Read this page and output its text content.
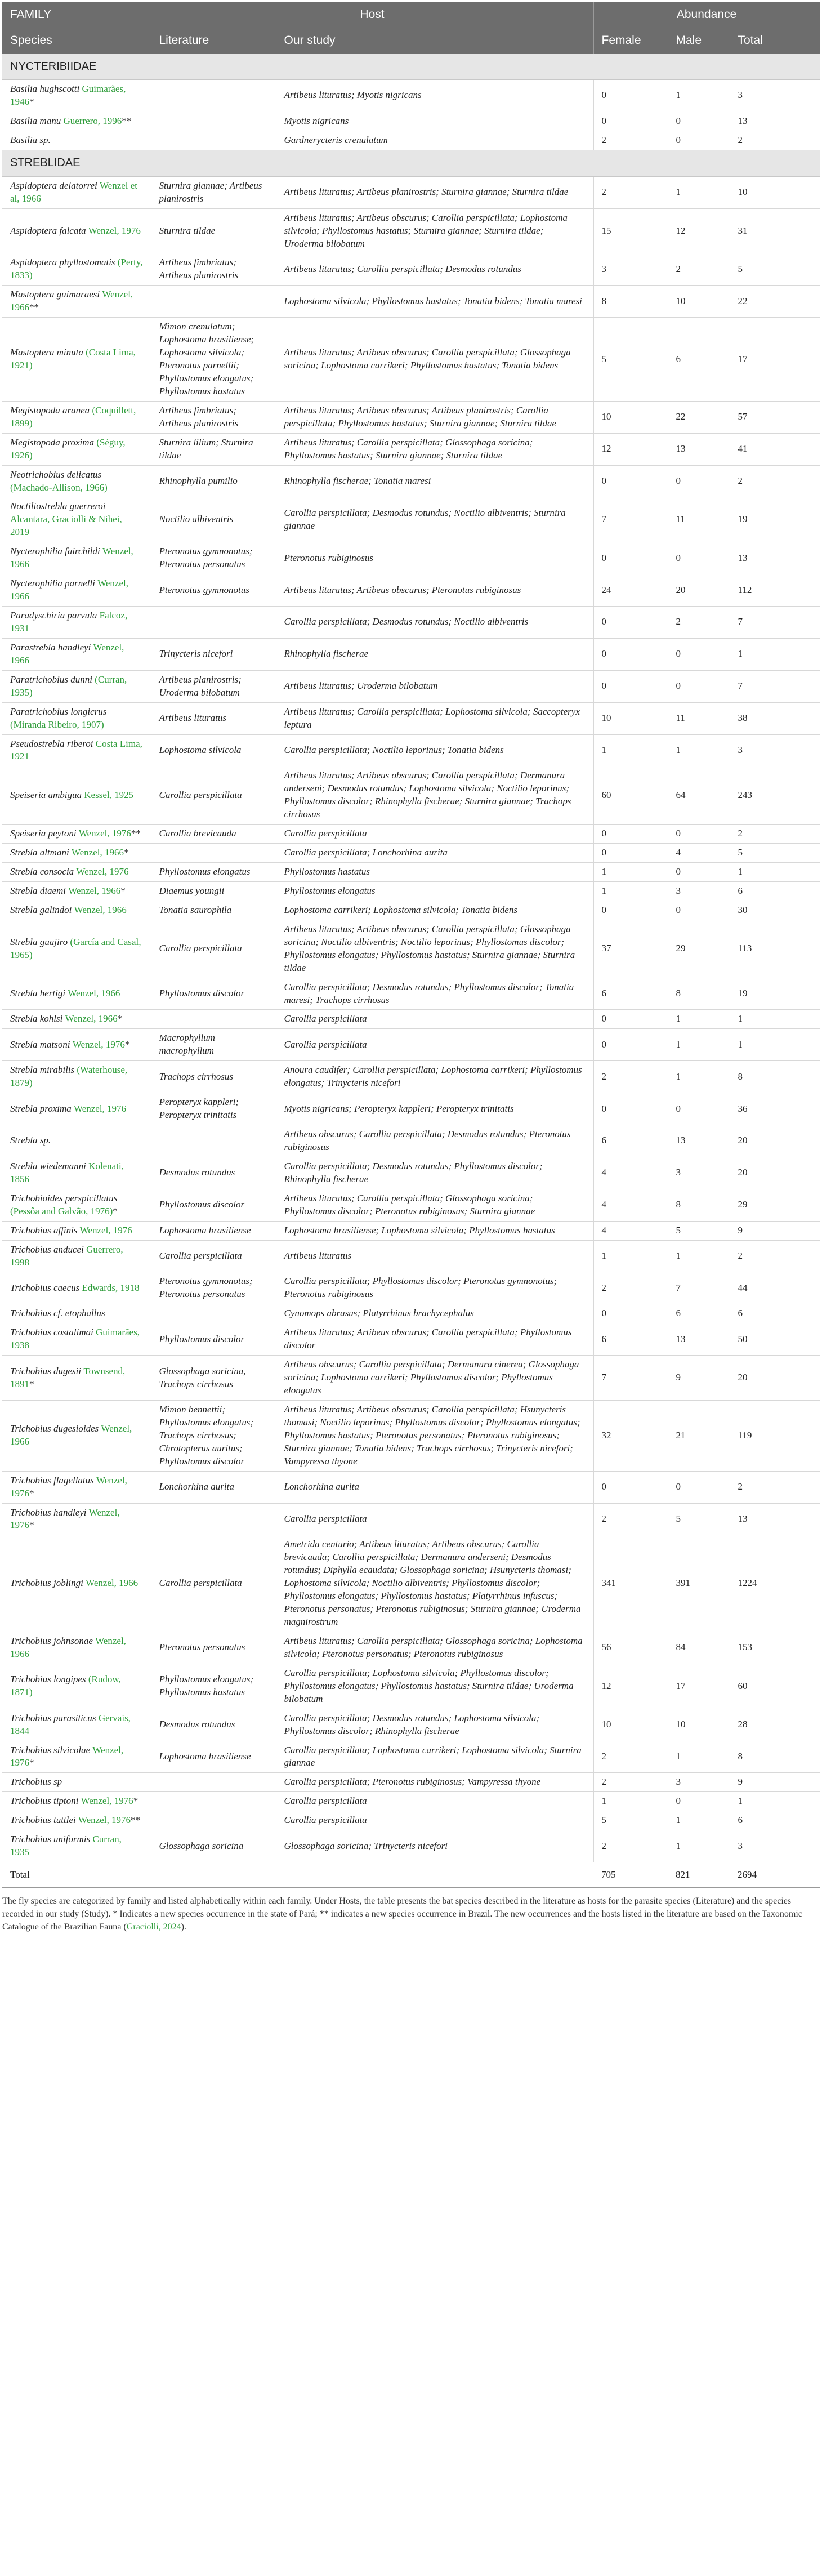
FAMILY	Host		Abundance		
Species	Literature	Our study	Female	Male	Total
NYCTERIBIIDAE					
Basilia hughscotti Guimarães, 1946*		Artibeus lituratus; Myotis nigricans	0	1	3
Basilia manu Guerrero, 1996**		Myotis nigricans	0	0	13
Basilia sp.		Gardnerycteris crenulatum	2	0	2
STREBLIDAE					
Aspidoptera delatorrei Wenzel et al, 1966	Sturnira giannae; Artibeus planirostris	Artibeus lituratus; Artibeus planirostris; Sturnira giannae; Sturnira tildae	2	1	10
Aspidoptera falcata Wenzel, 1976	Sturnira tildae	Artibeus lituratus; Artibeus obscurus; Carollia perspicillata; Lophostoma silvicola; Phyllostomus hastatus; Sturnira giannae; Sturnira tildae; Uroderma bilobatum	15	12	31
Aspidoptera phyllostomatis (Perty, 1833)	Artibeus fimbriatus; Artibeus planirostris	Artibeus lituratus; Carollia perspicillata; Desmodus rotundus	3	2	5
Mastoptera guimaraesi Wenzel, 1966**		Lophostoma silvicola; Phyllostomus hastatus; Tonatia bidens; Tonatia maresi	8	10	22
Mastoptera minuta (Costa Lima, 1921)	Mimon crenulatum; Lophostoma brasiliense; Lophostoma silvicola; Pteronotus parnellii; Phyllostomus elongatus; Phyllostomus hastatus	Artibeus lituratus; Artibeus obscurus; Carollia perspicillata; Glossophaga soricina; Lophostoma carrikeri; Phyllostomus hastatus; Tonatia bidens	5	6	17
Megistopoda aranea (Coquillett, 1899)	Artibeus fimbriatus; Artibeus planirostris	Artibeus lituratus; Artibeus obscurus; Artibeus planirostris; Carollia perspicillata; Phyllostomus hastatus; Sturnira giannae; Sturnira tildae	10	22	57
Megistopoda proxima (Séguy, 1926)	Sturnira lilium; Sturnira tildae	Artibeus lituratus; Carollia perspicillata; Glossophaga soricina; Phyllostomus hastatus; Sturnira giannae; Sturnira tildae	12	13	41
Neotrichobius delicatus (Machado-Allison, 1966)	Rhinophylla pumilio	Rhinophylla fischerae; Tonatia maresi	0	0	2
Noctiliostrebla guerreroi Alcantara, Graciolli & Nihei, 2019	Noctilio albiventris	Carollia perspicillata; Desmodus rotundus; Noctilio albiventris; Sturnira giannae	7	11	19
Nycterophilia fairchildi Wenzel, 1966	Pteronotus gymnonotus; Pteronotus personatus	Pteronotus rubiginosus	0	0	13
Nycterophilia parnelli Wenzel, 1966	Pteronotus gymnonotus	Artibeus lituratus; Artibeus obscurus; Pteronotus rubiginosus	24	20	112
Paradyschiria parvula Falcoz, 1931		Carollia perspicillata; Desmodus rotundus; Noctilio albiventris	0	2	7
Parastrebla handleyi Wenzel, 1966	Trinycteris nicefori	Rhinophylla fischerae	0	0	1
Paratrichobius dunni (Curran, 1935)	Artibeus planirostris; Uroderma bilobatum	Artibeus lituratus; Uroderma bilobatum	0	0	7
Paratrichobius longicrus (Miranda Ribeiro, 1907)	Artibeus lituratus	Artibeus lituratus; Carollia perspicillata; Lophostoma silvicola; Saccopteryx leptura	10	11	38
Pseudostrebla riberoi Costa Lima, 1921	Lophostoma silvicola	Carollia perspicillata; Noctilio leporinus; Tonatia bidens	1	1	3
Speiseria ambigua Kessel, 1925	Carollia perspicillata	Artibeus lituratus; Artibeus obscurus; Carollia perspicillata; Dermanura anderseni; Desmodus rotundus; Lophostoma silvicola; Noctilio leporinus; Phyllostomus discolor; Rhinophylla fischerae; Sturnira giannae; Trachops cirrhosus	60	64	243
Speiseria peytoni Wenzel, 1976**	Carollia brevicauda	Carollia perspicillata	0	0	2
Strebla altmani Wenzel, 1966*		Carollia perspicillata; Lonchorhina aurita	0	4	5
Strebla consocia Wenzel, 1976	Phyllostomus elongatus	Phyllostomus hastatus	1	0	1
Strebla diaemi Wenzel, 1966*	Diaemus youngii	Phyllostomus elongatus	1	3	6
Strebla galindoi Wenzel, 1966	Tonatia saurophila	Lophostoma carrikeri; Lophostoma silvicola; Tonatia bidens	0	0	30
Strebla guajiro (García and Casal, 1965)	Carollia perspicillata	Artibeus lituratus; Artibeus obscurus; Carollia perspicillata; Glossophaga soricina; Noctilio albiventris; Noctilio leporinus; Phyllostomus discolor; Phyllostomus elongatus; Phyllostomus hastatus; Sturnira giannae; Sturnira tildae	37	29	113
Strebla hertigi Wenzel, 1966	Phyllostomus discolor	Carollia perspicillata; Desmodus rotundus; Phyllostomus discolor; Tonatia maresi; Trachops cirrhosus	6	8	19
Strebla kohlsi Wenzel, 1966*		Carollia perspicillata	0	1	1
Strebla matsoni Wenzel, 1976*	Macrophyllum macrophyllum	Carollia perspicillata	0	1	1
Strebla mirabilis (Waterhouse, 1879)	Trachops cirrhosus	Anoura caudifer; Carollia perspicillata; Lophostoma carrikeri; Phyllostomus elongatus; Trinycteris nicefori	2	1	8
Strebla proxima Wenzel, 1976	Peropteryx kappleri; Peropteryx trinitatis	Myotis nigricans; Peropteryx kappleri; Peropteryx trinitatis	0	0	36
Strebla sp.		Artibeus obscurus; Carollia perspicillata; Desmodus rotundus; Pteronotus rubiginosus	6	13	20
Strebla wiedemanni Kolenati, 1856	Desmodus rotundus	Carollia perspicillata; Desmodus rotundus; Phyllostomus discolor; Rhinophylla fischerae	4	3	20
Trichobioides perspicillatus (Pessôa and Galvão, 1976)*	Phyllostomus discolor	Artibeus lituratus; Carollia perspicillata; Glossophaga soricina; Phyllostomus discolor; Pteronotus rubiginosus; Sturnira giannae	4	8	29
Trichobius affinis Wenzel, 1976	Lophostoma brasiliense	Lophostoma brasiliense; Lophostoma silvicola; Phyllostomus hastatus	4	5	9
Trichobius anducei Guerrero, 1998	Carollia perspicillata	Artibeus lituratus	1	1	2
Trichobius caecus Edwards, 1918	Pteronotus gymnonotus; Pteronotus personatus	Carollia perspicillata; Phyllostomus discolor; Pteronotus gymnonotus; Pteronotus rubiginosus	2	7	44
Trichobius cf. etophallus		Cynomops abrasus; Platyrrhinus brachycephalus	0	6	6
Trichobius costalimai Guimarães, 1938	Phyllostomus discolor	Artibeus lituratus; Artibeus obscurus; Carollia perspicillata; Phyllostomus discolor	6	13	50
Trichobius dugesii Townsend, 1891*	Glossophaga soricina, Trachops cirrhosus	Artibeus obscurus; Carollia perspicillata; Dermanura cinerea; Glossophaga soricina; Lophostoma carrikeri; Phyllostomus discolor; Phyllostomus elongatus	7	9	20
Trichobius dugesioides Wenzel, 1966	Mimon bennettii; Phyllostomus elongatus; Trachops cirrhosus; Chrotopterus auritus; Phyllostomus discolor	Artibeus lituratus; Artibeus obscurus; Carollia perspicillata; Hsunycteris thomasi; Noctilio leporinus; Phyllostomus discolor; Phyllostomus elongatus; Phyllostomus hastatus; Pteronotus personatus; Pteronotus rubiginosus; Sturnira giannae; Tonatia bidens; Trachops cirrhosus; Trinycteris nicefori; Vampyressa thyone	32	21	119
Trichobius flagellatus Wenzel, 1976*	Lonchorhina aurita	Lonchorhina aurita	0	0	2
Trichobius handleyi Wenzel, 1976*		Carollia perspicillata	2	5	13
Trichobius joblingi Wenzel, 1966	Carollia perspicillata	Ametrida centurio; Artibeus lituratus; Artibeus obscurus; Carollia brevicauda; Carollia perspicillata; Dermanura anderseni; Desmodus rotundus; Diphylla ecaudata; Glossophaga soricina; Hsunycteris thomasi; Lophostoma silvicola; Noctilio albiventris; Phyllostomus discolor; Phyllostomus elongatus; Phyllostomus hastatus; Platyrrhinus infuscus; Pteronotus personatus; Pteronotus rubiginosus; Sturnira giannae; Uroderma magnirostrum	341	391	1224
Trichobius johnsonae Wenzel, 1966	Pteronotus personatus	Artibeus lituratus; Carollia perspicillata; Glossophaga soricina; Lophostoma silvicola; Pteronotus personatus; Pteronotus rubiginosus	56	84	153
Trichobius longipes (Rudow, 1871)	Phyllostomus elongatus; Phyllostomus hastatus	Carollia perspicillata; Lophostoma silvicola; Phyllostomus discolor; Phyllostomus elongatus; Phyllostomus hastatus; Sturnira tildae; Uroderma bilobatum	12	17	60
Trichobius parasiticus Gervais, 1844	Desmodus rotundus	Carollia perspicillata; Desmodus rotundus; Lophostoma silvicola; Phyllostomus discolor; Rhinophylla fischerae	10	10	28
Trichobius silvicolae Wenzel, 1976*	Lophostoma brasiliense	Carollia perspicillata; Lophostoma carrikeri; Lophostoma silvicola; Sturnira giannae	2	1	8
Trichobius sp		Carollia perspicillata; Pteronotus rubiginosus; Vampyressa thyone	2	3	9
Trichobius tiptoni Wenzel, 1976*		Carollia perspicillata	1	0	1
Trichobius tuttlei Wenzel, 1976**		Carollia perspicillata	5	1	6
Trichobius uniformis Curran, 1935	Glossophaga soricina	Glossophaga soricina; Trinycteris nicefori	2	1	3
Total			705	821	2694
The fly species are categorized by family and listed alphabetically within each family. Under Hosts, the table presents the bat species described in the literature as hosts for the parasite species (Literature) and the species recorded in our study (Study). * Indicates a new species occurrence in the state of Pará; ** indicates a new species occurrence in Brazil. The new occurrences and the hosts listed in the literature are based on the Taxonomic Catalogue of the Brazilian Fauna (Graciolli, 2024).
